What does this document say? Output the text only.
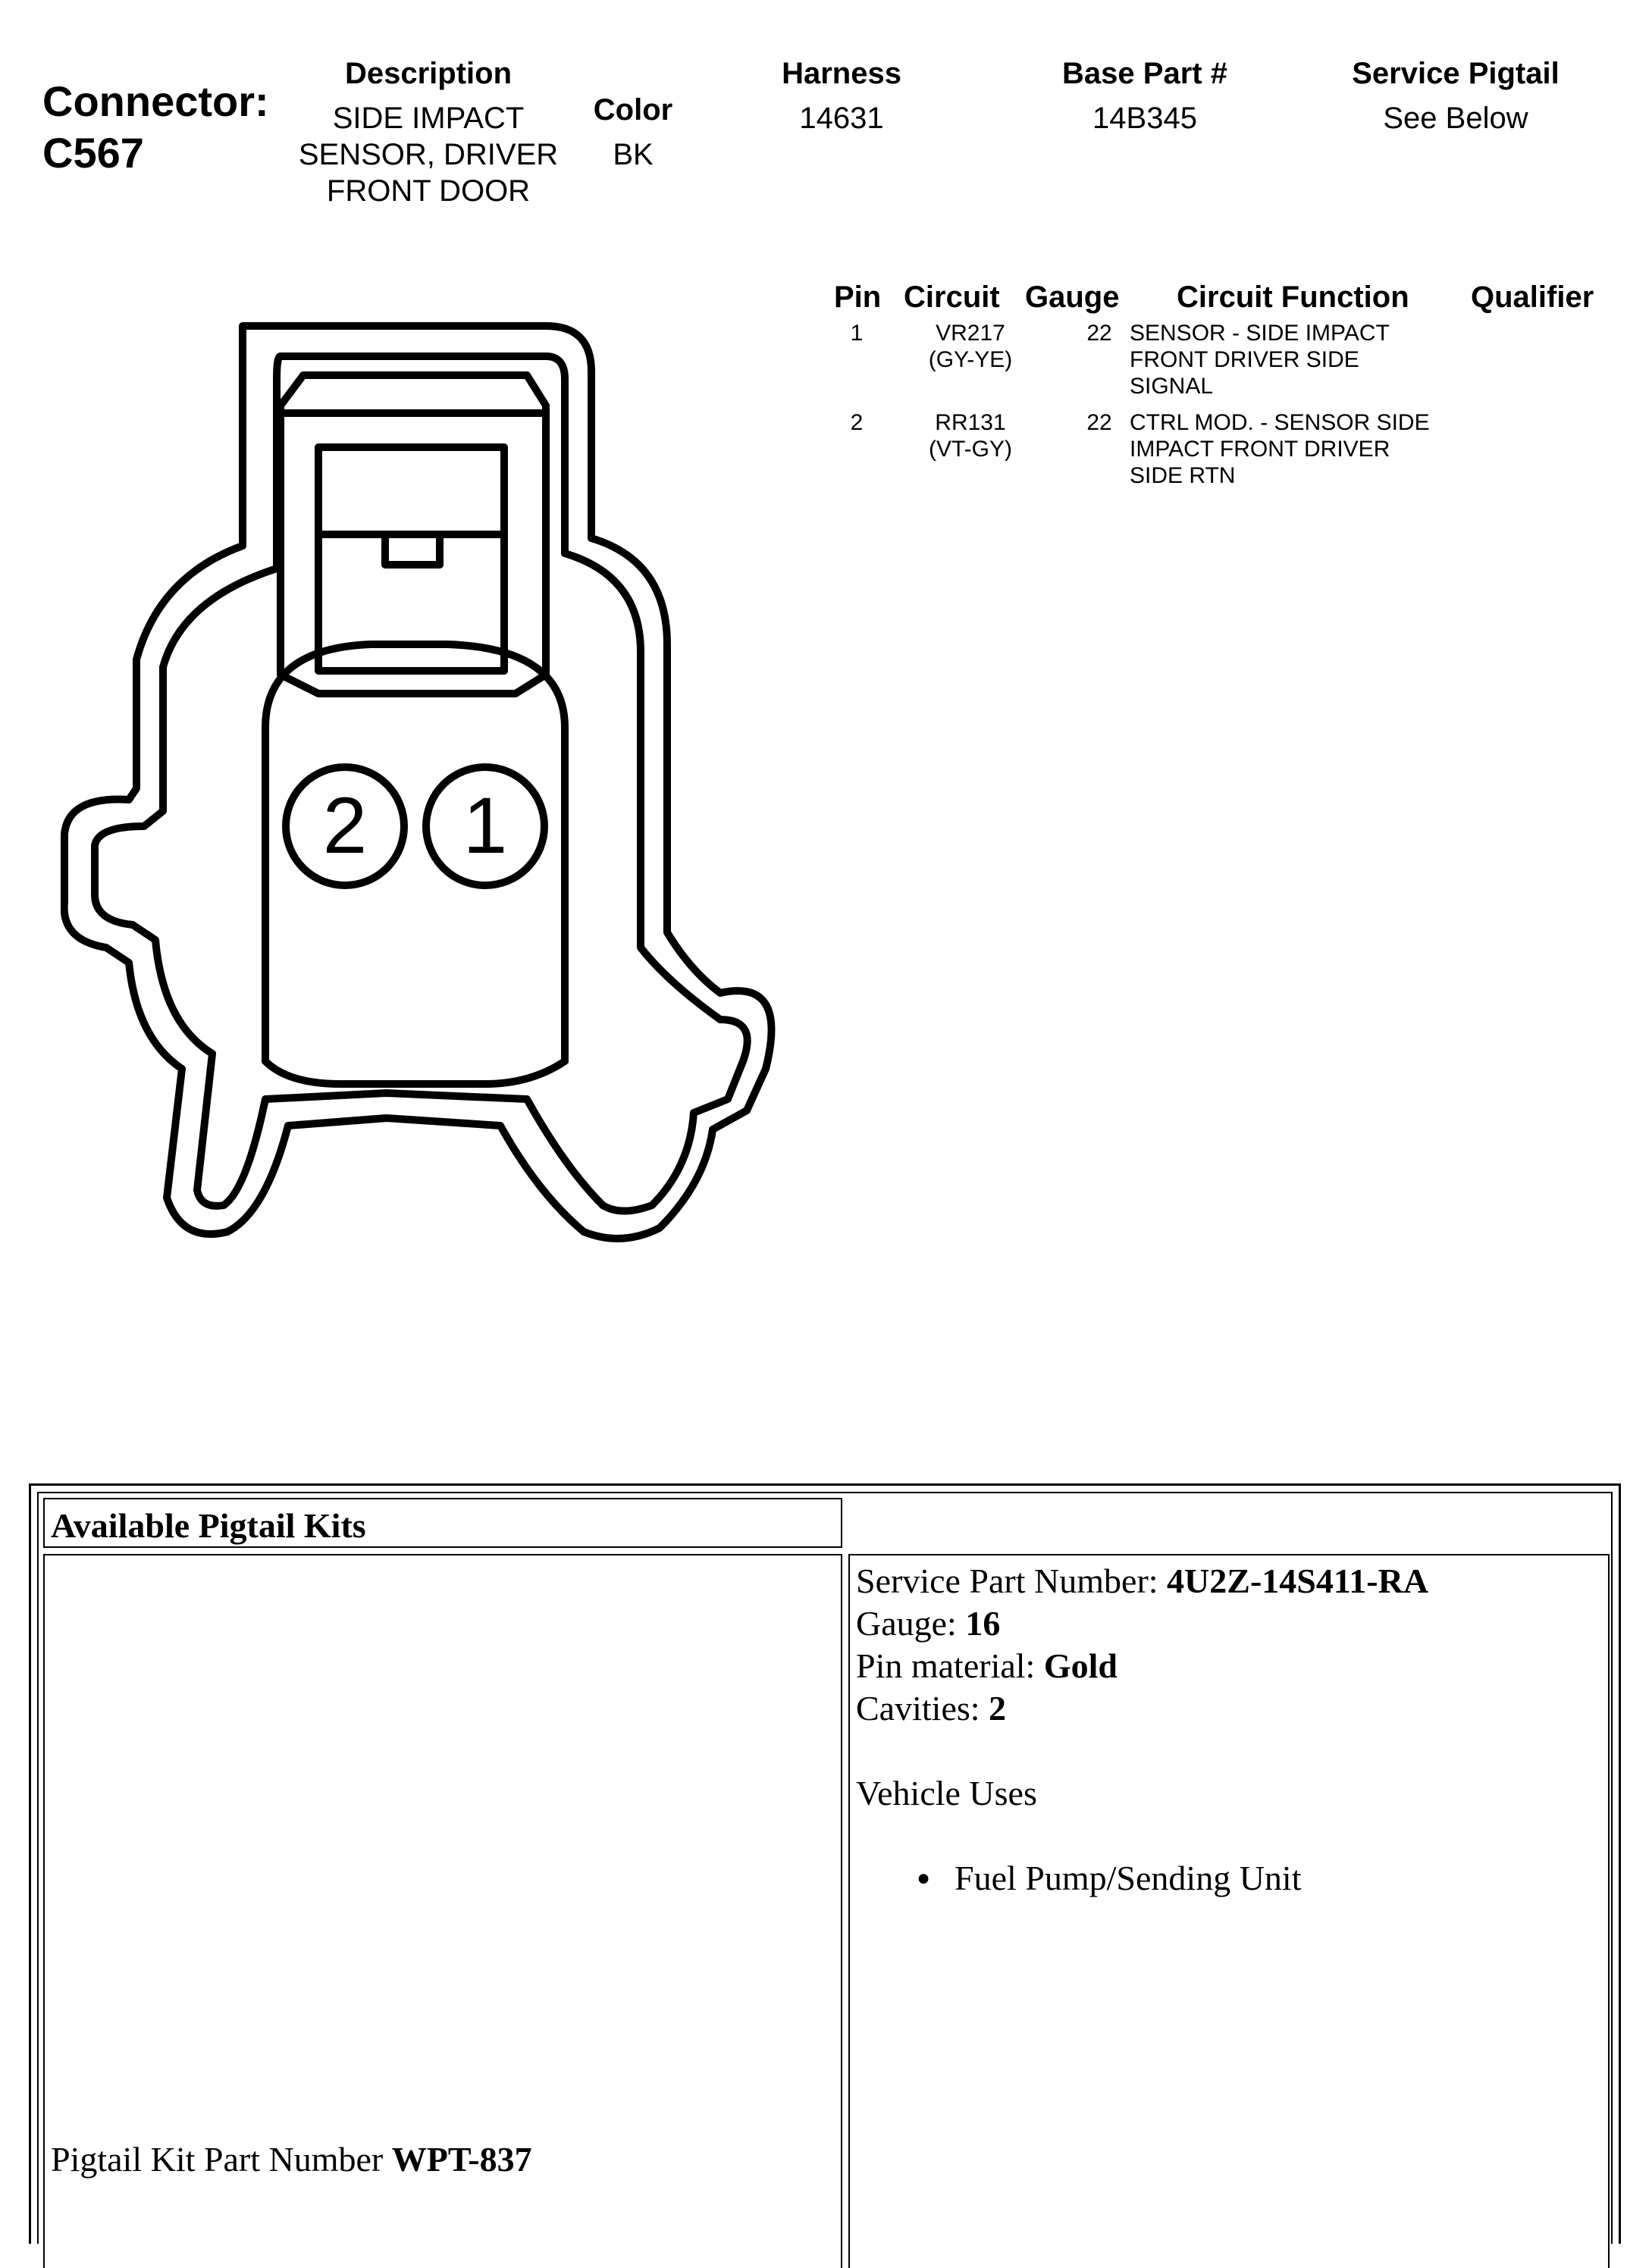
Connector:
C567
Description
SIDE IMPACT
SENSOR, DRIVER
FRONT DOOR
Color
BK
Harness
14631
Base Part #
14B345
Service Pigtail
See Below
Pin Circuit Gauge Circuit Function Qualifier
1	VR217
(GY-YE)
22 SENSOR - SIDE IMPACT
FRONT DRIVER SIDE
SIGNAL
2	RR131
(VT-GY)
22 CTRL MOD. - SENSOR SIDE
IMPACT FRONT DRIVER
SIDE RTN
2 1
Available Pigtail Kits
Pigtail Kit Part Number WPT-837
Service Part Number: 4U2Z-14S411-RA
Gauge: 16
Pin material: Gold
Cavities: 2
Vehicle Uses
● Fuel Pump/Sending Unit
